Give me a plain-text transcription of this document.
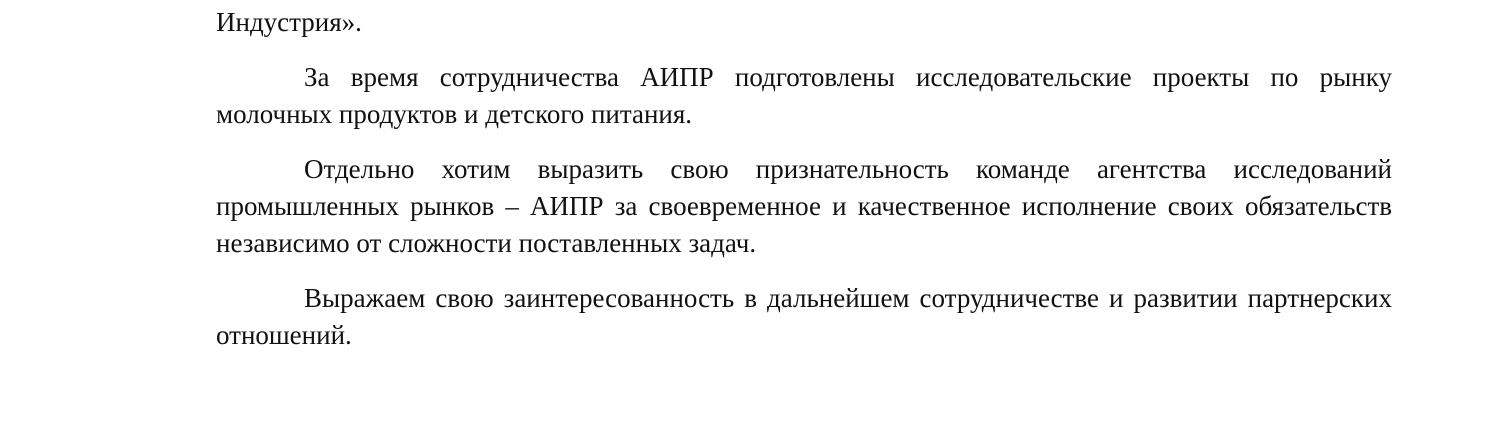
Индустрия».

За время сотрудничества АИПР подготовлены исследовательские проекты по рынку молочных продуктов и детского питания.

Отдельно хотим выразить свою признательность команде агентства исследований промышленных рынков – АИПР за своевременное и качественное исполнение своих обязательств независимо от сложности поставленных задач.

Выражаем свою заинтересованность в дальнейшем сотрудничестве и развитии партнерских отношений.
